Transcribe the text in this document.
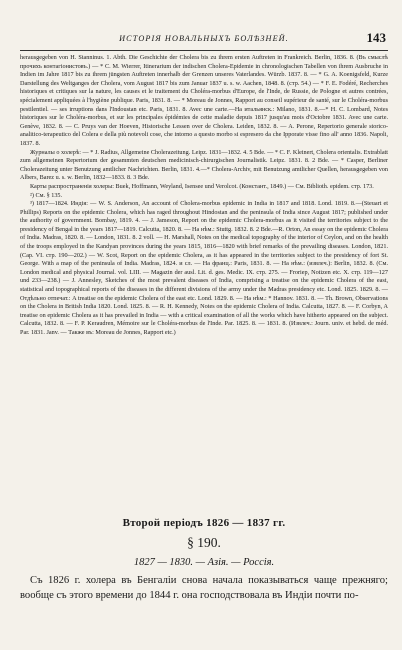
ИСТОРІЯ НОВАЛЬНЫХЪ БОЛѢЗНЕЙ.	143

herausgegeben von H. Stanninus. 1. Abth. Die Geschichte der Cholera bis zu ihrem ersten Auftreten in Frankreich. Berlin, 1836. 8. (Въ смыслѣ прочихъ контагіонистовъ.) — * C. M. Wierrer, Itinerarium der indischen Cholera-Epidemie in chronologischen Tabellen von ihrem Ausbruche in Indien im Jahre 1817 bis zu ihrem jüngsten Auftreten innerhalb der Grenzen unseres Vaterlandes. Würzb. 1837. 8. — * G. A. Koenigsfeld, Kurze Darstellung des Weltganges der Cholera, vom August 1817 bis zum Januar 1837 u. s. w. Aachen, 1848. 8. (стр. 54.) — * F. E. Fodéré, Recherches historiques et critiques sur la nature, les causes et le traitement du Choléra-morbus d'Europe, de l'Inde, de Russie, de Pologne et autres contrées, spécialement appliquées à l'hygiène publique. Paris, 1831. 8. — * Moreau de Jonnes, Rapport au conseil supérieur de santé, sur le Choléra-morbus pestilentiel. — ses irruptions dans l'Indoustan etc. Paris, 1831. 8. Avec une carte.—На итальянск.: Milano, 1831. 8.—* H. C. Lombard, Notes historiques sur le Choléra-morbus, et sur les principales épidémies de cette maladie depuis 1817 jusqu'au mois d'Octobre 1831. Avec une carte. Genève, 1832. 8. — C. Pruys van der Hoeven, Historische Lessen over de Cholera. Leiden, 1832. 8. — A. Perone, Repertorio generale storico-analitico-terapeutico del Colera e della più notevoli cose, che intorno a questo morbo si espresero da che Ipporate visse fino all' anno 1836. Napoli, 1837. 8.

Журналы о холерѣ: — * J. Radius, Allgemeine Cholerazeitung. Leipz. 1831—1832. 4. 5 Bde. — * C. F. Kleinert, Cholera orientalis. Extrablatt zum allgemeinen Repertorium der gesammten deutschen medicinisch-chirurgischen Journalistik. Leipz. 1831. 8. 2 Bde. — * Casper, Berliner Cholerazeitung unter Benutzung amtlicher Nachrichten. Berlin, 1831. 4.—* Cholera-Archiv, mit Benutzung amtlicher Quellen, herausgegeben von Albers, Barez u. s. w. Berlin, 1832—1833. 8. 3 Bde.

Карты распространенія холеры: Buek, Hoffmann, Weyland, Isensee und Verolcot. (Констант., 1849.) — См. Bibliоth. epidem. стр. 173.

²) См. § 135.

³) 1817—1824. Индія: — W. S. Anderson, An account of Cholera-morbus epidemic in India in 1817 and 1818. Lond. 1819. 8.—(Steuart et Phillips) Reports on the epidemic Cholera, which has raged throughout Hindostan and the peninsula of India since August 1817; published under the authority of government. Bombay, 1819. 4. — J. Jameson, Report on the epidemic Cholera-morbus as it visited the territories subject to the presidency of Bengal in the years 1817—1819. Calcutta, 1820. 8. — На нѣм.: Stuttg. 1832. 8. 2 Bde.—R. Orton, An essay on the epidemic Cholera of India. Madras, 1820. 8. — London, 1831. 8. 2 voll. — H. Marshall, Notes on the medical topography of the interior of Ceylon, and on the health of the troops employed in the Kandyan provinces during the years 1815, 1816—1820 with brief remarks of the prevailing diseases. London, 1821. (Cap. VI. стр. 190—202.) — W. Scot, Report on the epidemic Cholera, as it has appeared in the territories subject to the presidency of fort St. George. With a map of the peninsula of India. Madras, 1824. и сл. — На франц.: Paris, 1831. 8. — На нѣм.: (извлеч.): Berlin, 1832. 8. (См. London medical and physical Journal. vol. LIII. — Magazin der ausl. Lit. d. ges. Medic. IX. стр. 275. — Froriep, Notizen etc. X. стр. 119—127 und 233—238.) — J. Annesley, Sketches of the most prevalent diseases of India, comprising a treatise on the epidemic Cholera of the east, statistical and topographical reports of the diseases in the different divisions of the army under the Madras presidency etc. Lond. 1825. 1829. 8. — Отдѣльно отпечат.: A treatise on the epidemic Cholera of the east etc. Lond. 1829. 8. — На нѣм.: * Hannov. 1831. 8. — Th. Brown, Observations on the Cholera in British India 1820. Lond. 1825. 8. — R. H. Kennedy, Notes on the epidemic Cholera of India. Calcutta, 1827. 8. — F. Corbyn, A treatise on epidemic Cholera as it has prevailed in India — with a critical examination of all the works which have hitherto appeared on the subject. Calcutta, 1832. 8. — F. P. Keraudren, Mémoire sur le Choléra-morbus de l'Inde. Par. 1825. 8. — 1831. 8. (Извлеч.: Journ. univ. et hebd. de méd. Par. 1831. Janv. — Также въ: Moreau de Jonnes, Rapport etc.)

Второй періодъ 1826 — 1837 гг.
§ 190.
1827 — 1830. — Азія. — Россія.

Съ 1826 г. холера въ Бенгаліи снова начала показываться чаще прежняго; вообще съ этого времени до 1844 г. она господствовала въ Индіи почти по-
